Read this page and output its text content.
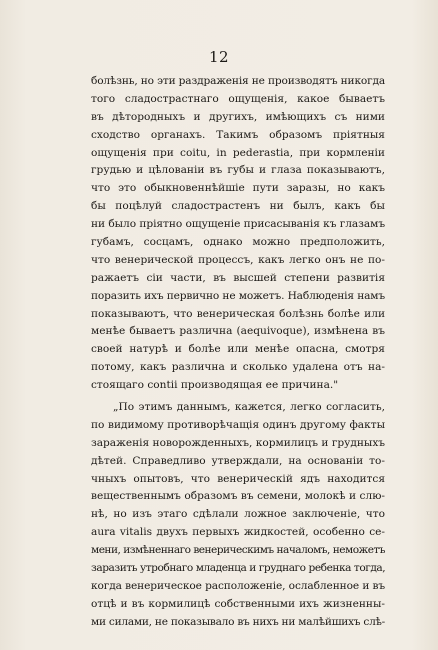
12
болѣзнь, но эти раздраженія не производятъ никогда
того сладострастнаго ощущенія, какое бываетъ
въ дѣтородныхъ и другихъ, имѣющихъ съ ними
сходство органахъ. Такимъ образомъ пріятныя
ощущенія при coitu, in pederastia, при кормленіи
грудью и цѣлованіи въ губы и глаза показываютъ,
что это обыкновеннѣйшіе пути заразы, но какъ
бы поцѣлуй сладострастенъ ни былъ, какъ бы
ни было пріятно ощущеніе присасыванія къ глазамъ
губамъ, сосцамъ, однако можно предположить,
что венерической процессъ, какъ легко онъ не по-
ражаетъ сіи части, въ высшей степени развитія
поразить ихъ первично не можетъ. Наблюденія намъ
показываютъ, что венерическая болѣзнь болѣе или
менѣе бываетъ различна (aequivoque), измѣнена въ
своей натурѣ и болѣе или менѣе опасна, смотря
потому, какъ различна и сколько удалена отъ на-
стоящаго contii производящая ее причина."
„По этимъ даннымъ, кажется, легко согласить,
по видимому противорѣчащія одинъ другому факты
зараженія новорожденныхъ, кормилицъ и грудныхъ
дѣтей. Справедливо утверждали, на основаніи то-
чныхъ опытовъ, что венерическій ядъ находится
вещественнымъ образомъ въ семени, молокѣ и слю-
нѣ, но изъ этаго сдѣлали ложное заключеніе, что
aura vitalis двухъ первыхъ жидкостей, особенно се-
мени, измѣненнаго венерическимъ началомъ, неможетъ
заразить утробнаго младенца и груднаго ребенка тогда,
когда венерическое расположеніе, ослабленное и въ
отцѣ и въ кормилицѣ собственными ихъ жизненны-
ми силами, не показывало въ нихъ ни малѣйшихъ слѣ-
